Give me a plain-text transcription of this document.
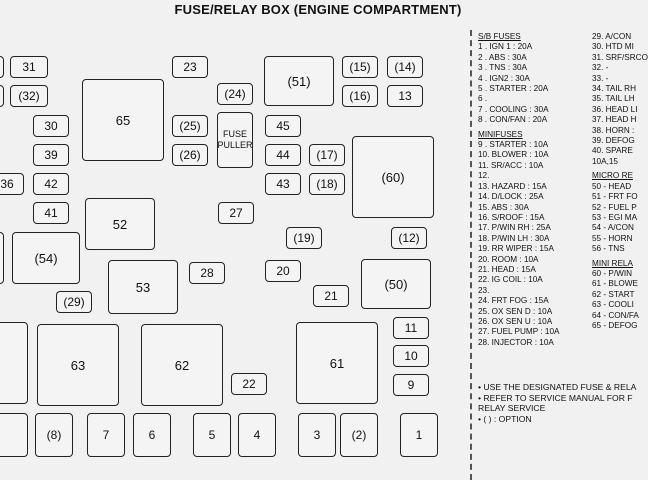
FUSE/RELAY BOX (ENGINE COMPARTMENT)
31
(32)
30
39
42
41
36
65
52
(54)
53
(29)
63	62
(8)	7	6
23
(24)
(25)
(26)
FUSE
PULLER
(51)
45
44
43
27
28	20
(19)
21
22
61
5	4	3	(2)	1
(15)	(14)
(16)	13
(17)
(18)	(60)
(12)
(50)
11
10
9
S/B FUSES
1 . IGN 1 : 20A
2 . ABS : 30A
3 . TNS : 30A
4 . IGN2 : 30A
5 . STARTER : 20A
6 .
7 . COOLING : 30A
8 . CON/FAN : 20A
MINIFUSES
9 . STARTER : 10A
10. BLOWER : 10A
11. SR/ACC : 10A
12.
13. HAZARD : 15A
14. D/LOCK : 25A
15. ABS : 30A
16. S/ROOF : 15A
17. P/WIN RH : 25A
18. P/WIN LH : 30A
19. RR WIPER : 15A
20. ROOM : 10A
21. HEAD : 15A
22. IG COIL : 10A
23.
24. FRT FOG : 15A
25. OX SEN D : 10A
26. OX SEN U : 10A
27. FUEL PUMP : 10A
28. INJECTOR : 10A
29. A/CON
30. HTD MI
31. SRF/SRCO
32. -
33. -
34. TAIL RH
35. TAIL LH
36. HEAD LI
37. HEAD H
38. HORN :
39. DEFOG
40. SPARE
10A,15
MICRO RE
50 - HEAD
51 - FRT FO
52 - FUEL P
53 - EGI MA
54 - A/CON
55 - HORN
56 - TNS
MINI RELA
60 - P/WIN
61 - BLOWE
62 - START
63 - COOLI
64 - CON/FA
65 - DEFOG
• USE THE DESIGNATED FUSE & RELA
• REFER TO SERVICE MANUAL FOR F
RELAY SERVICE
• ( ) : OPTION
